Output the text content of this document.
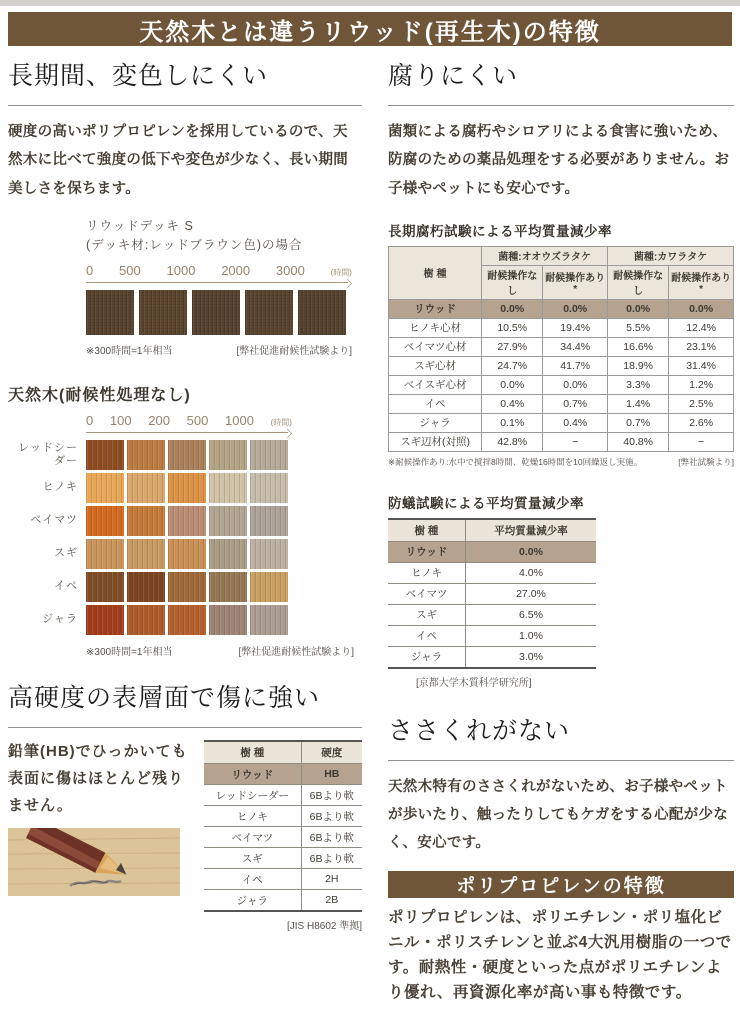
天然木とは違うリウッド(再生木)の特徴
長期間、変色しにくい

硬度の高いポリプロピレンを採用しているので、天然木に比べて強度の低下や変色が少なく、長い期間美しさを保ちます。

リウッドデッキ S
(デッキ材:レッドブラウン色)の場合
0 500 1000 2000 3000	(時間)
※300時間=1年相当	[弊社促進耐候性試験より]
天然木(耐候性処理なし)
0 100 200 500 1000 (時間)
レッドシーダー
ヒノキ
ベイマツ
スギ
イペ
ジャラ
※300時間=1年相当	[弊社促進耐候性試験より]
高硬度の表層面で傷に強い

鉛筆(HB)でひっかいても表面に傷はほとんど残りません。

樹 種	硬度
リウッド	HB
レッドシーダー	6Bより軟
ヒノキ	6Bより軟
ベイマツ	6Bより軟
スギ	6Bより軟
イペ	2H
ジャラ	2B
[JIS H8602 準拠]
腐りにくい

菌類による腐朽やシロアリによる食害に強いため、防腐のための薬品処理をする必要がありません。お子様やペットにも安心です。

長期腐朽試験による平均質量減少率
樹 種	菌種:オオウズラタケ		菌種:カワラタケ	
	耐候操作なし	耐候操作あり*	耐候操作なし	耐候操作あり*
リウッド	0.0%	0.0%	0.0%	0.0%
ヒノキ心材	10.5%	19.4%	5.5%	12.4%
ベイマツ心材	27.9%	34.4%	16.6%	23.1%
スギ心材	24.7%	41.7%	18.9%	31.4%
ベイスギ心材	0.0%	0.0%	3.3%	1.2%
イペ	0.4%	0.7%	1.4%	2.5%
ジャラ	0.1%	0.4%	0.7%	2.6%
スギ辺材(対照)	42.8%	−	40.8%	−
※耐候操作あり:水中で撹拌8時間、乾燥16時間を10回繰返し実施。	[弊社試験より]
防蟻試験による平均質量減少率
樹 種	平均質量減少率
リウッド	0.0%
ヒノキ	4.0%
ベイマツ	27.0%
スギ	6.5%
イペ	1.0%
ジャラ	3.0%
[京都大学木質科学研究所]
ささくれがない

天然木特有のささくれがないため、お子様やペットが歩いたり、触ったりしてもケガをする心配が少なく、安心です。

ポリプロピレンの特徴

ポリプロピレンは、ポリエチレン・ポリ塩化ビニル・ポリスチレンと並ぶ4大汎用樹脂の一つです。耐熱性・硬度といった点がポリエチレンより優れ、再資源化率が高い事も特徴です。
